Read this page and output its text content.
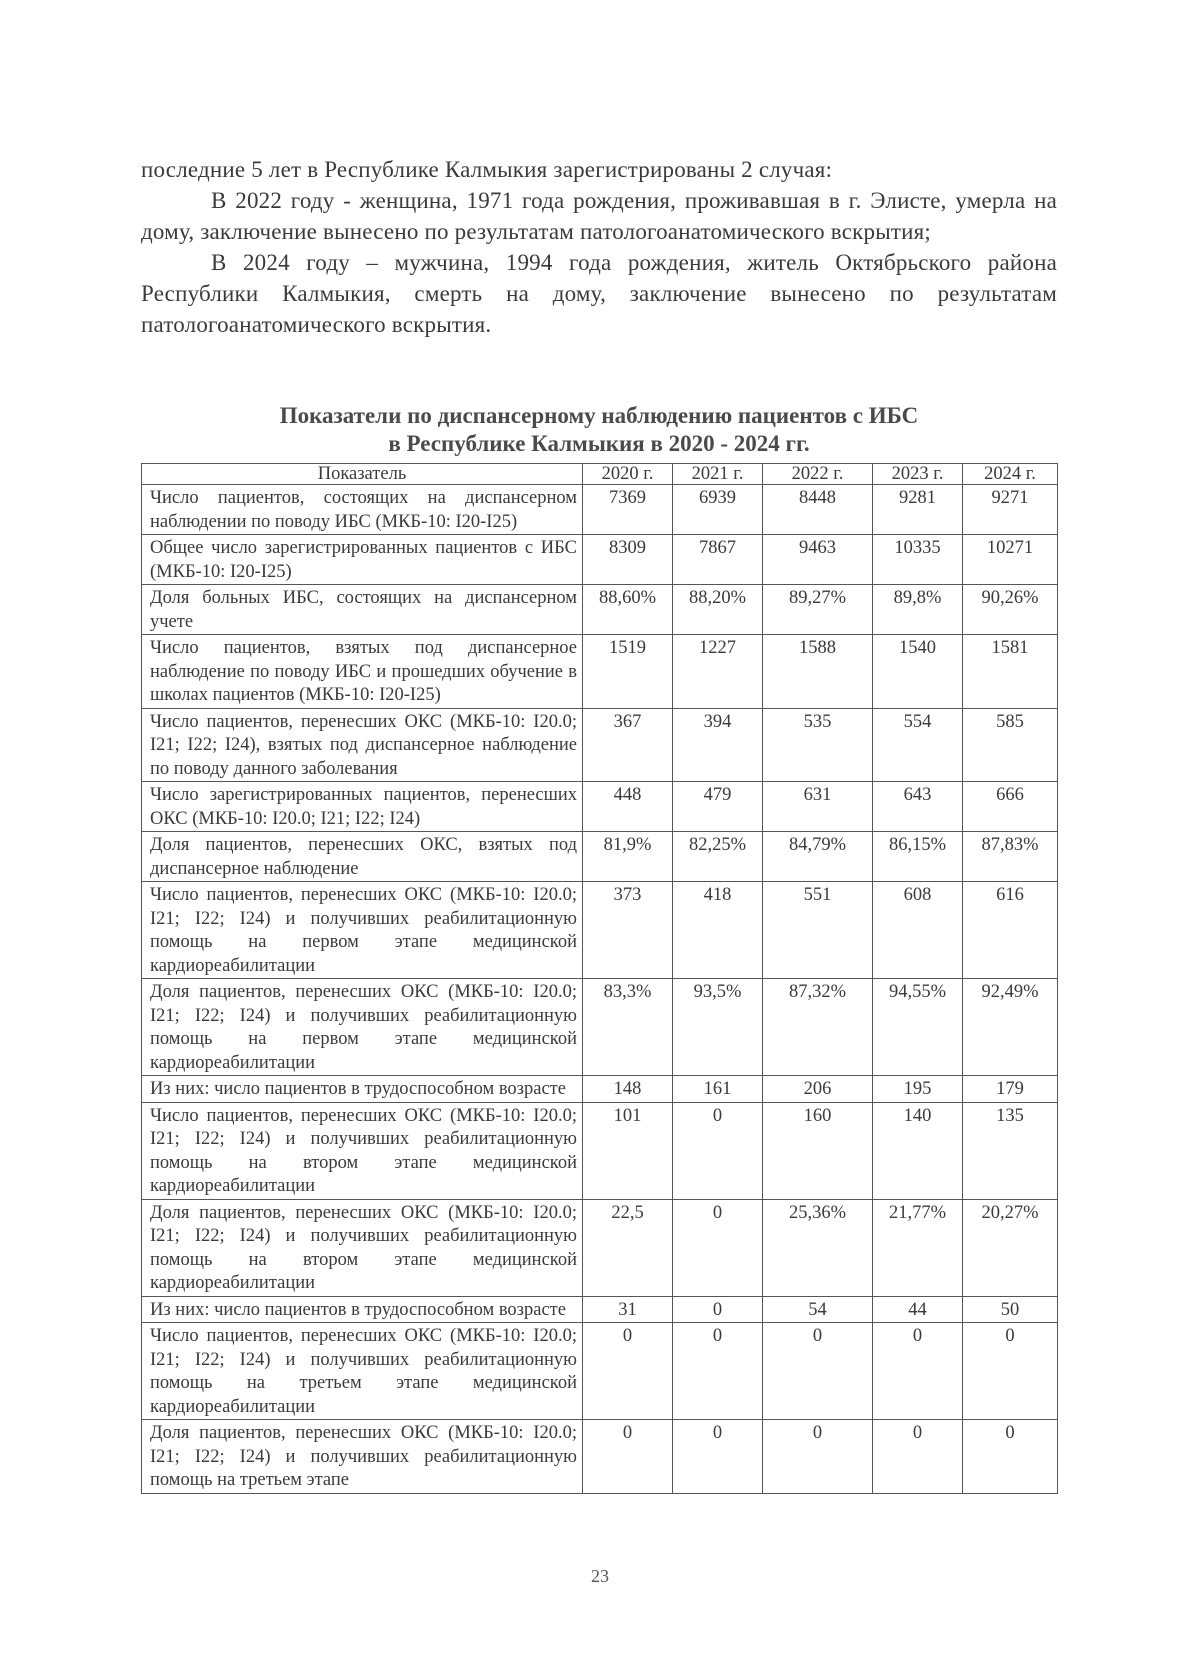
последние 5 лет в Республике Калмыкия зарегистрированы 2 случая:

В 2022 году - женщина, 1971 года рождения, проживавшая в г. Элисте, умерла на дому, заключение вынесено по результатам патологоанатомического вскрытия;

В 2024 году – мужчина, 1994 года рождения, житель Октябрьского района Республики Калмыкия, смерть на дому, заключение вынесено по результатам патологоанатомического вскрытия.

Показатели по диспансерному наблюдению пациентов с ИБС
в Республике Калмыкия в 2020 - 2024 гг.
Показатель	2020 г.	2021 г.	2022 г.	2023 г.	2024 г.
Число пациентов, состоящих на диспансерном наблюдении по поводу ИБС (МКБ-10: I20-I25)	7369	6939	8448	9281	9271
Общее число зарегистрированных пациентов с ИБС (МКБ-10: I20-I25)	8309	7867	9463	10335	10271
Доля больных ИБС, состоящих на диспансерном учете	88,60%	88,20%	89,27%	89,8%	90,26%
Число пациентов, взятых под диспансерное наблюдение по поводу ИБС и прошедших обучение в школах пациентов (МКБ-10: I20-I25)	1519	1227	1588	1540	1581
Число пациентов, перенесших ОКС (МКБ-10: I20.0; I21; I22; I24), взятых под диспансерное наблюдение по поводу данного заболевания	367	394	535	554	585
Число зарегистрированных пациентов, перенесших ОКС (МКБ-10: I20.0; I21; I22; I24)	448	479	631	643	666
Доля пациентов, перенесших ОКС, взятых под диспансерное наблюдение	81,9%	82,25%	84,79%	86,15%	87,83%
Число пациентов, перенесших ОКС (МКБ-10: I20.0; I21; I22; I24) и получивших реабилитационную помощь на первом этапе медицинской кардиореабилитации	373	418	551	608	616
Доля пациентов, перенесших ОКС (МКБ-10: I20.0; I21; I22; I24) и получивших реабилитационную помощь на первом этапе медицинской кардиореабилитации	83,3%	93,5%	87,32%	94,55%	92,49%
Из них: число пациентов в трудоспособном возрасте	148	161	206	195	179
Число пациентов, перенесших ОКС (МКБ-10: I20.0; I21; I22; I24) и получивших реабилитационную помощь на втором этапе медицинской кардиореабилитации	101	0	160	140	135
Доля пациентов, перенесших ОКС (МКБ-10: I20.0; I21; I22; I24) и получивших реабилитационную помощь на втором этапе медицинской кардиореабилитации	22,5	0	25,36%	21,77%	20,27%
Из них: число пациентов в трудоспособном возрасте	31	0	54	44	50
Число пациентов, перенесших ОКС (МКБ-10: I20.0; I21; I22; I24) и получивших реабилитационную помощь на третьем этапе медицинской кардиореабилитации	0	0	0	0	0
Доля пациентов, перенесших ОКС (МКБ-10: I20.0; I21; I22; I24) и получивших реабилитационную помощь на третьем этапе	0	0	0	0	0
23
